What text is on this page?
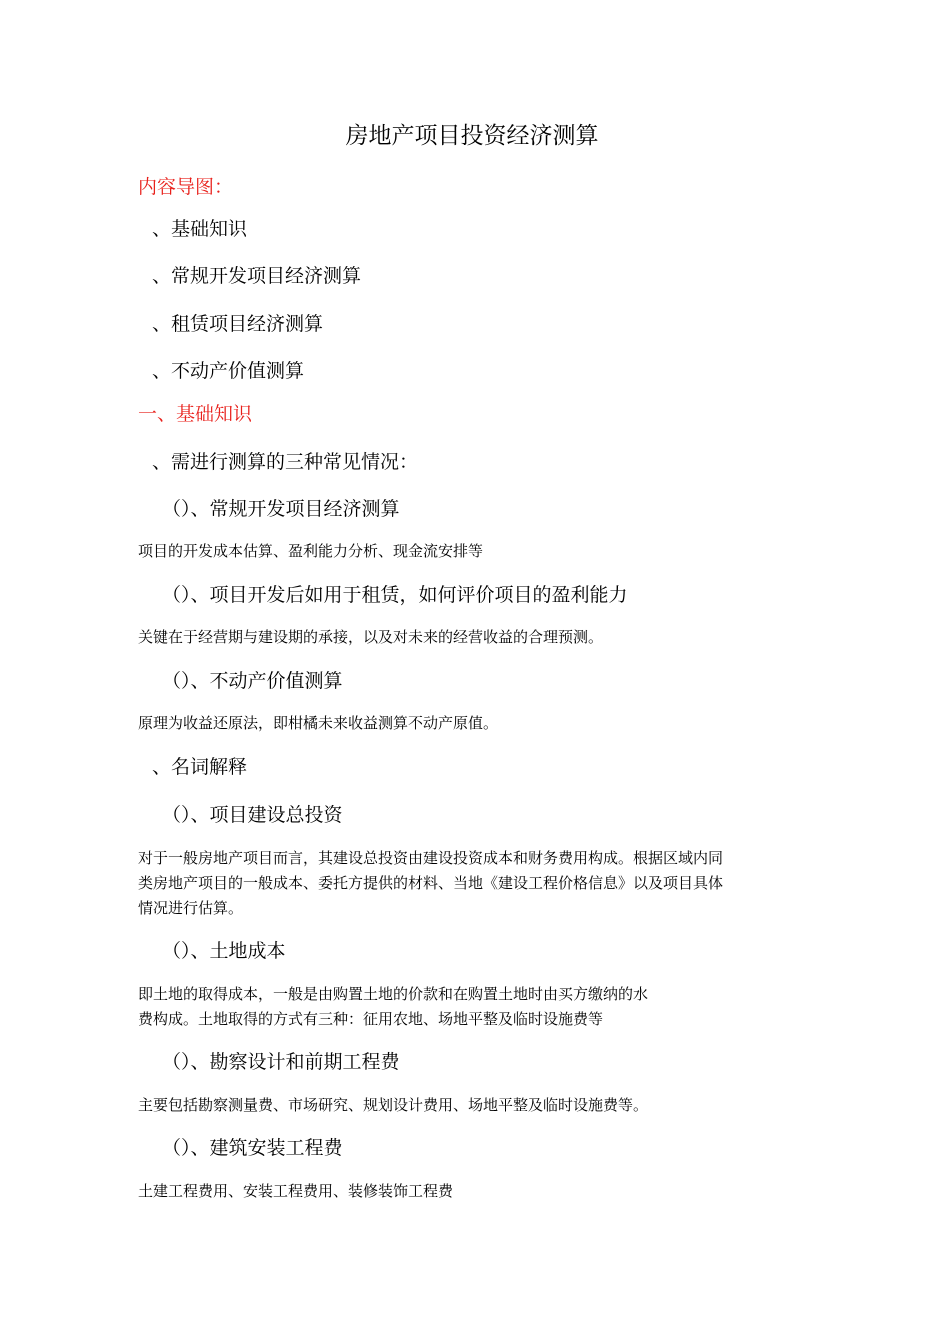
房地产项目投资经济测算
内容导图：
、基础知识
、常规开发项目经济测算
、租赁项目经济测算
、不动产价值测算
一、基础知识
、需进行测算的三种常见情况：
（）、常规开发项目经济测算
项目的开发成本估算、盈利能力分析、现金流安排等
（）、项目开发后如用于租赁，如何评价项目的盈利能力
关键在于经营期与建设期的承接，以及对未来的经营收益的合理预测。
（）、不动产价值测算
原理为收益还原法，即柑橘未来收益测算不动产原值。
、名词解释
（）、项目建设总投资
对于一般房地产项目而言，其建设总投资由建设投资成本和财务费用构成。根据区域内同
类房地产项目的一般成本、委托方提供的材料、当地《建设工程价格信息》以及项目具体
情况进行估算。
（）、土地成本
即土地的取得成本，一般是由购置土地的价款和在购置土地时由买方缴纳的水
费构成。土地取得的方式有三种：征用农地、场地平整及临时设施费等
（）、勘察设计和前期工程费
主要包括勘察测量费、市场研究、规划设计费用、场地平整及临时设施费等。
（）、建筑安装工程费
土建工程费用、安装工程费用、装修装饰工程费
